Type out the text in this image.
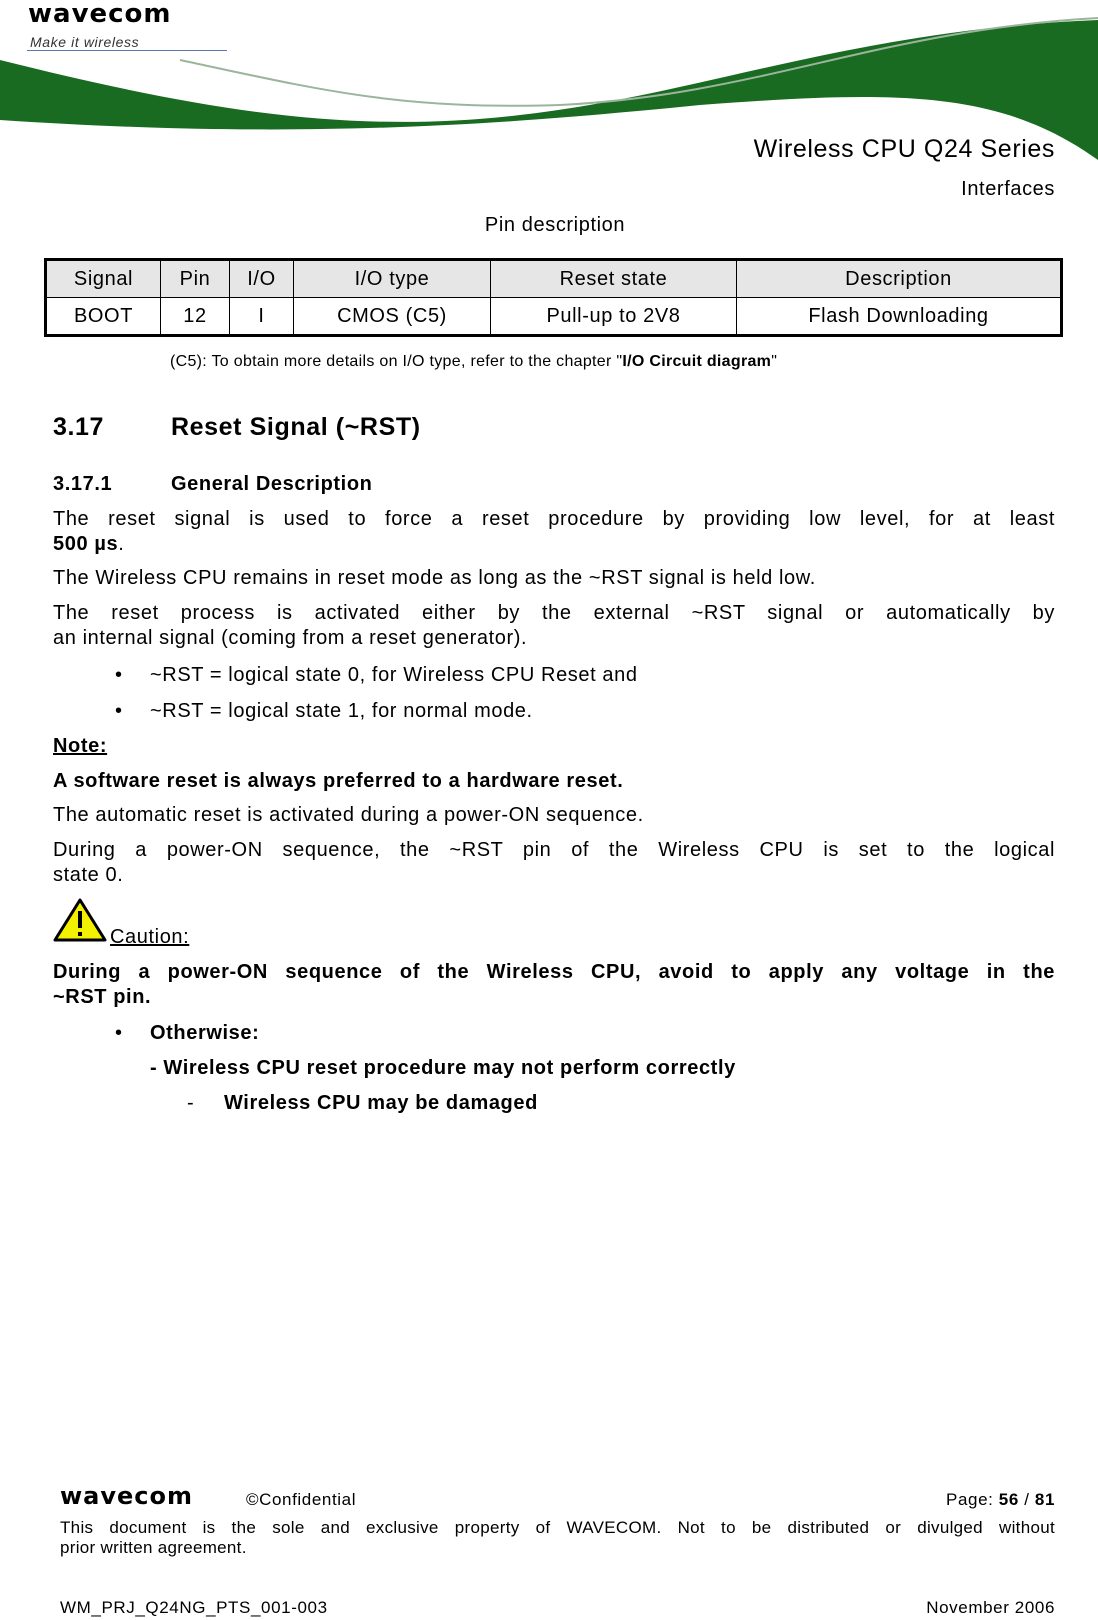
wavecom
Make it wireless
Wireless CPU Q24 Series
Interfaces
Pin description
Signal	Pin	I/O	I/O type	Reset state	Description
BOOT	12	I	CMOS (C5)	Pull-up to 2V8	Flash Downloading
(C5): To obtain more details on I/O type, refer to the chapter "I/O Circuit diagram"
3.17	Reset Signal (~RST)
3.17.1	General Description
The reset signal is used to force a reset procedure by providing low level, for at least
500 µs.
The Wireless CPU remains in reset mode as long as the ~RST signal is held low.
The reset process is activated either by the external ~RST signal or automatically by
an internal signal (coming from a reset generator).
• ~RST = logical state 0, for Wireless CPU Reset and
• ~RST = logical state 1, for normal mode.
Note:
A software reset is always preferred to a hardware reset.
The automatic reset is activated during a power-ON sequence.
During a power-ON sequence, the ~RST pin of the Wireless CPU is set to the logical
state 0.
Caution:
During a power-ON sequence of the Wireless CPU, avoid to apply any voltage in the
~RST pin.
• Otherwise:
- Wireless CPU reset procedure may not perform correctly
- Wireless CPU may be damaged
wavecom	©Confidential	Page: 56 / 81
This document is the sole and exclusive property of WAVECOM. Not to be distributed or divulged without
prior written agreement.
WM_PRJ_Q24NG_PTS_001-003	November 2006
